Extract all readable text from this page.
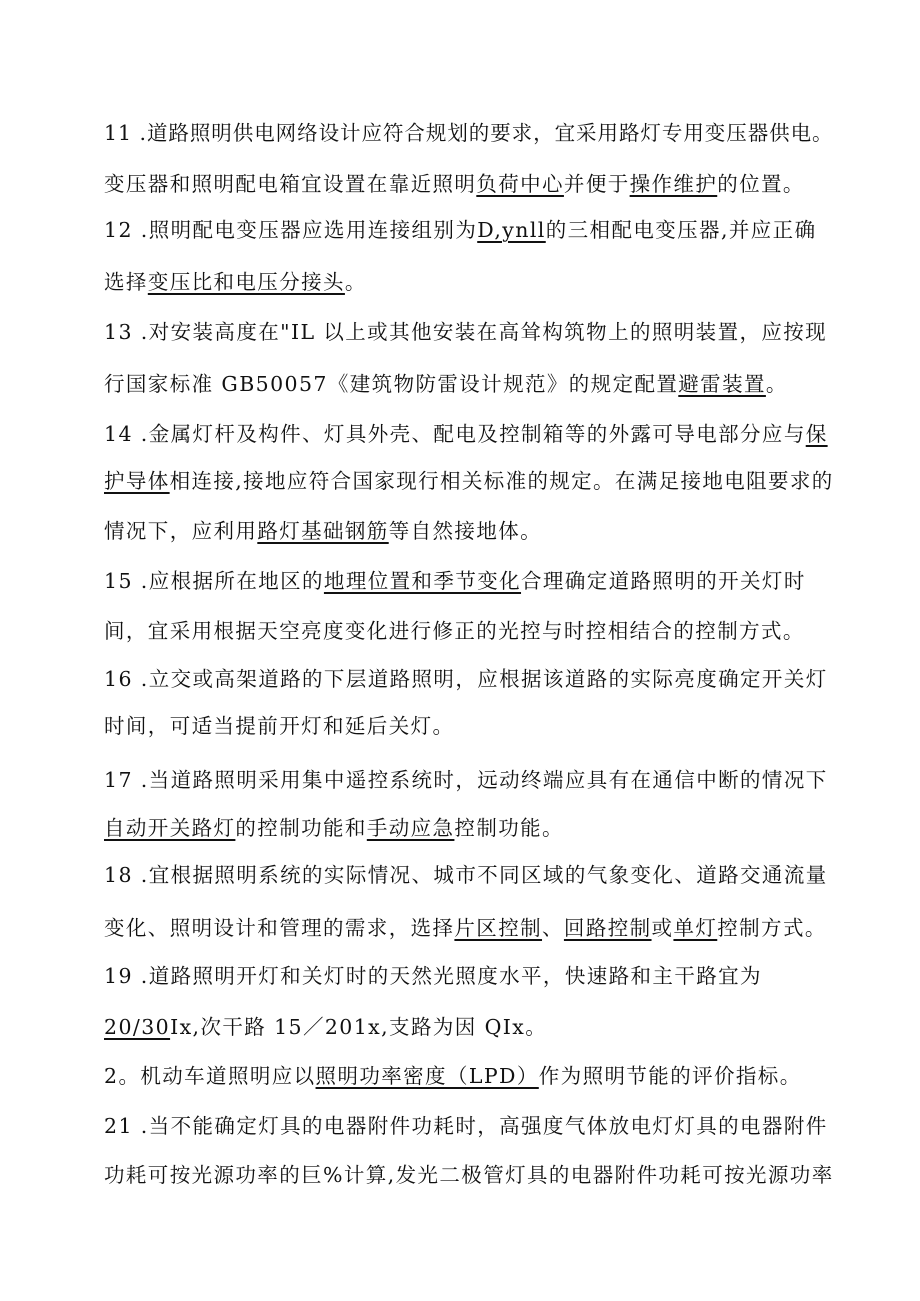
11 .道路照明供电网络设计应符合规划的要求，宜采用路灯专用变压器供电。
变压器和照明配电箱宜设置在靠近照明负荷中心并便于操作维护的位置。
12 .照明配电变压器应选用连接组别为D,ynll的三相配电变压器,并应正确
选择变压比和电压分接头。
13 .对安装高度在"IL 以上或其他安装在高耸构筑物上的照明装置，应按现
行国家标准 GB50057《建筑物防雷设计规范》的规定配置避雷装置。
14 .金属灯杆及构件、灯具外壳、配电及控制箱等的外露可导电部分应与保
护导体相连接,接地应符合国家现行相关标准的规定。在满足接地电阻要求的
情况下，应利用路灯基础钢筋等自然接地体。
15 .应根据所在地区的地理位置和季节变化合理确定道路照明的开关灯时
间，宜采用根据天空亮度变化进行修正的光控与时控相结合的控制方式。
16 .立交或高架道路的下层道路照明，应根据该道路的实际亮度确定开关灯
时间，可适当提前开灯和延后关灯。
17 .当道路照明采用集中遥控系统时，远动终端应具有在通信中断的情况下
自动开关路灯的控制功能和手动应急控制功能。
18 .宜根据照明系统的实际情况、城市不同区域的气象变化、道路交通流量
变化、照明设计和管理的需求，选择片区控制、回路控制或单灯控制方式。
19 .道路照明开灯和关灯时的天然光照度水平，快速路和主干路宜为
20/30Ix,次干路 15／201x,支路为因 QIx。
2。机动车道照明应以照明功率密度（LPD）作为照明节能的评价指标。
21 .当不能确定灯具的电器附件功耗时，高强度气体放电灯灯具的电器附件
功耗可按光源功率的巨%计算,发光二极管灯具的电器附件功耗可按光源功率
